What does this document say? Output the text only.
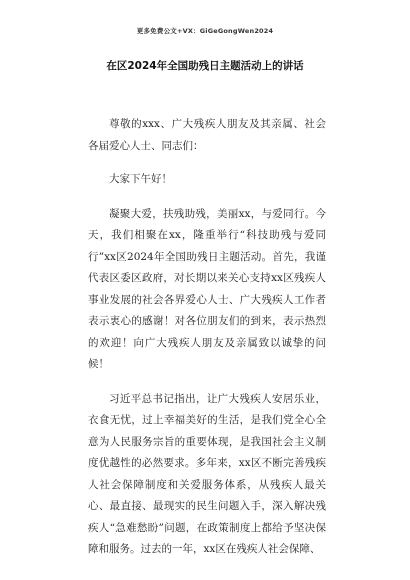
更多免费公文+VX：GiGeGongWen2024
在区2024年全国助残日主题活动上的讲话

尊敬的xxx、广大残疾人朋友及其亲属、社会各届爱心人士、同志们：

大家下午好！

凝聚大爱，扶残助残，美丽xx，与爱同行。今天，我们相聚在xx，隆重举行“科技助残与爱同行”xx区2024年全国助残日主题活动。首先，我谨代表区委区政府，对长期以来关心支持xx区残疾人事业发展的社会各界爱心人士、广大残疾人工作者表示衷心的感谢！对各位朋友们的到来，表示热烈的欢迎！向广大残疾人朋友及亲属致以诚挚的问候！

习近平总书记指出，让广大残疾人安居乐业，衣食无忧，过上幸福美好的生活，是我们党全心全意为人民服务宗旨的重要体现，是我国社会主义制度优越性的必然要求。多年来，xx区不断完善残疾人社会保障制度和关爱服务体系，从残疾人最关心、最直接、最现实的民生问题入手，深入解决残疾人“急难愁盼”问题，在政策制度上都给予坚决保障和服务。过去的一年，xx区在残疾人社会保障、
